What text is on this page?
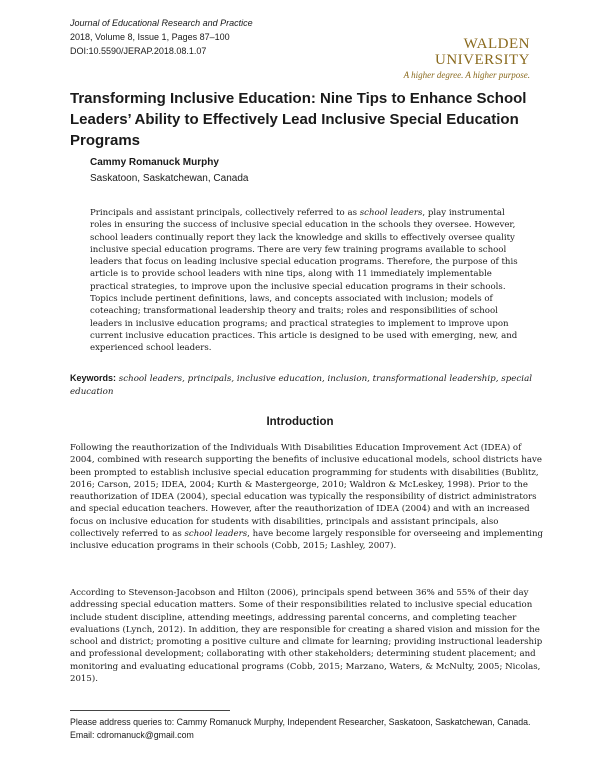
Journal of Educational Research and Practice
2018, Volume 8, Issue 1, Pages 87–100
DOI:10.5590/JERAP.2018.08.1.07	WALDEN UNIVERSITY
A higher degree. A higher purpose.
Transforming Inclusive Education: Nine Tips to Enhance School Leaders’ Ability to Effectively Lead Inclusive Special Education Programs
Cammy Romanuck Murphy
Saskatoon, Saskatchewan, Canada

Principals and assistant principals, collectively referred to as school leaders, play instrumental roles in ensuring the success of inclusive special education in the schools they oversee. However, school leaders continually report they lack the knowledge and skills to effectively oversee quality inclusive special education programs. There are very few training programs available to school leaders that focus on leading inclusive special education programs. Therefore, the purpose of this article is to provide school leaders with nine tips, along with 11 immediately implementable practical strategies, to improve upon the inclusive special education programs in their schools. Topics include pertinent definitions, laws, and concepts associated with inclusion; models of coteaching; transformational leadership theory and traits; roles and responsibilities of school leaders in inclusive education programs; and practical strategies to implement to improve upon current inclusive education practices. This article is designed to be used with emerging, new, and experienced school leaders.

Keywords: school leaders, principals, inclusive education, inclusion, transformational leadership, special education
Introduction

Following the reauthorization of the Individuals With Disabilities Education Improvement Act (IDEA) of 2004, combined with research supporting the benefits of inclusive educational models, school districts have been prompted to establish inclusive special education programming for students with disabilities (Bublitz, 2016; Carson, 2015; IDEA, 2004; Kurth & Mastergeorge, 2010; Waldron & McLeskey, 1998). Prior to the reauthorization of IDEA (2004), special education was typically the responsibility of district administrators and special education teachers. However, after the reauthorization of IDEA (2004) and with an increased focus on inclusive education for students with disabilities, principals and assistant principals, also collectively referred to as school leaders, have become largely responsible for overseeing and implementing inclusive education programs in their schools (Cobb, 2015; Lashley, 2007).

According to Stevenson-Jacobson and Hilton (2006), principals spend between 36% and 55% of their day addressing special education matters. Some of their responsibilities related to inclusive special education include student discipline, attending meetings, addressing parental concerns, and completing teacher evaluations (Lynch, 2012). In addition, they are responsible for creating a shared vision and mission for the school and district; promoting a positive culture and climate for learning; providing instructional leadership and professional development; collaborating with other stakeholders; determining student placement; and monitoring and evaluating educational programs (Cobb, 2015; Marzano, Waters, & McNulty, 2005; Nicolas, 2015).

Please address queries to: Cammy Romanuck Murphy, Independent Researcher, Saskatoon, Saskatchewan, Canada. Email: cdromanuck@gmail.com
